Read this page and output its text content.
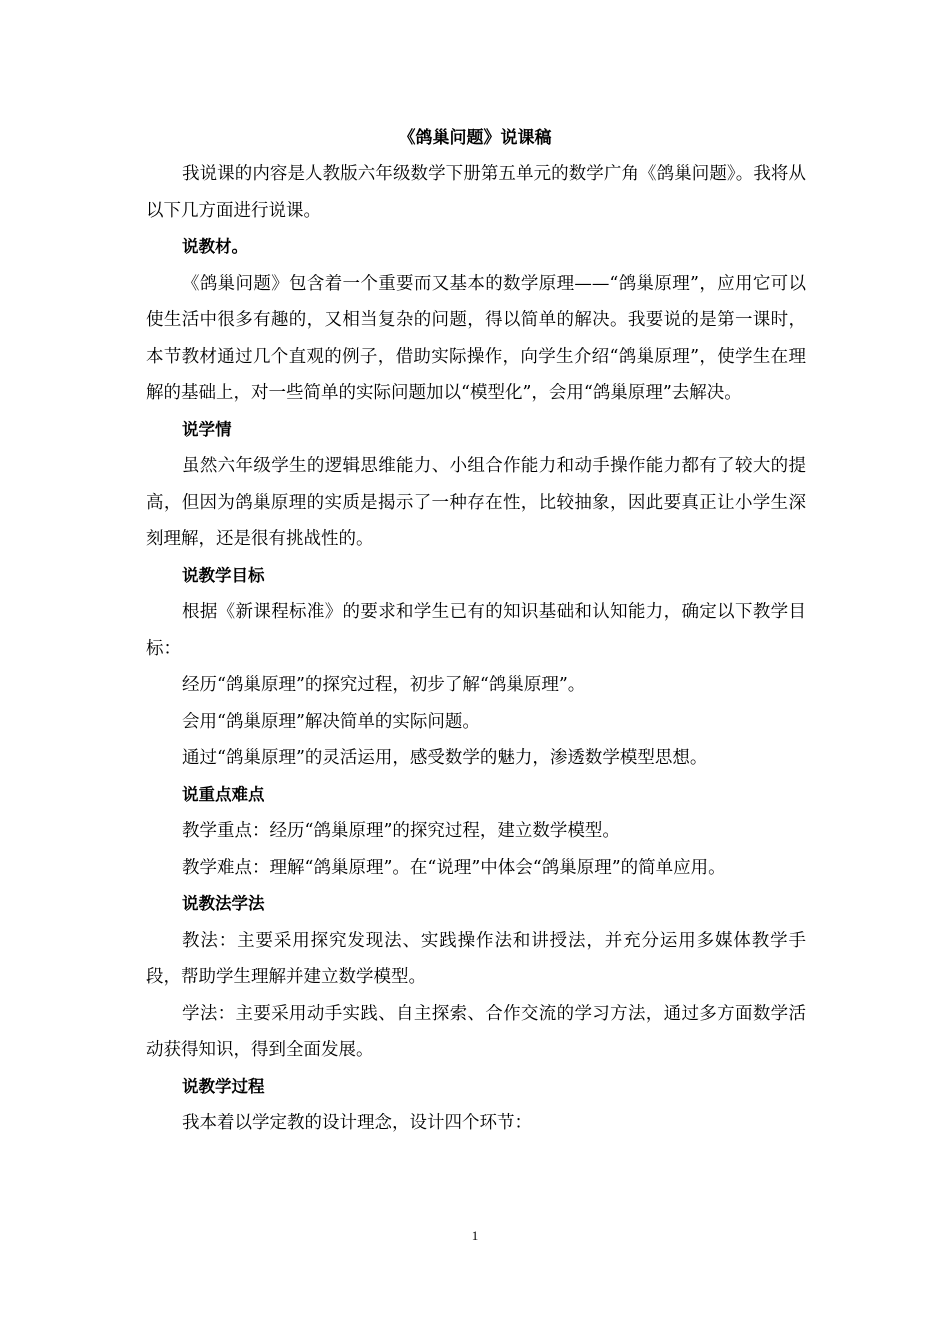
《鸽巢问题》说课稿

我说课的内容是人教版六年级数学下册第五单元的数学广角《鸽巢问题》。我将从以下几方面进行说课。

说教材。

《鸽巢问题》包含着一个重要而又基本的数学原理——“鸽巢原理”，应用它可以使生活中很多有趣的，又相当复杂的问题，得以简单的解决。我要说的是第一课时，本节教材通过几个直观的例子，借助实际操作，向学生介绍“鸽巢原理”，使学生在理解的基础上，对一些简单的实际问题加以“模型化”，会用“鸽巢原理”去解决。

说学情

虽然六年级学生的逻辑思维能力、小组合作能力和动手操作能力都有了较大的提高，但因为鸽巢原理的实质是揭示了一种存在性，比较抽象，因此要真正让小学生深刻理解，还是很有挑战性的。

说教学目标

根据《新课程标准》的要求和学生已有的知识基础和认知能力，确定以下教学目标：

经历“鸽巢原理”的探究过程，初步了解“鸽巢原理”。

会用“鸽巢原理”解决简单的实际问题。

通过“鸽巢原理”的灵活运用，感受数学的魅力，渗透数学模型思想。

说重点难点

教学重点：经历“鸽巢原理”的探究过程，建立数学模型。

教学难点：理解“鸽巢原理”。在“说理”中体会“鸽巢原理”的简单应用。

说教法学法

教法：主要采用探究发现法、实践操作法和讲授法，并充分运用多媒体教学手段，帮助学生理解并建立数学模型。

学法：主要采用动手实践、自主探索、合作交流的学习方法，通过多方面数学活动获得知识，得到全面发展。

说教学过程

我本着以学定教的设计理念，设计四个环节：

1
